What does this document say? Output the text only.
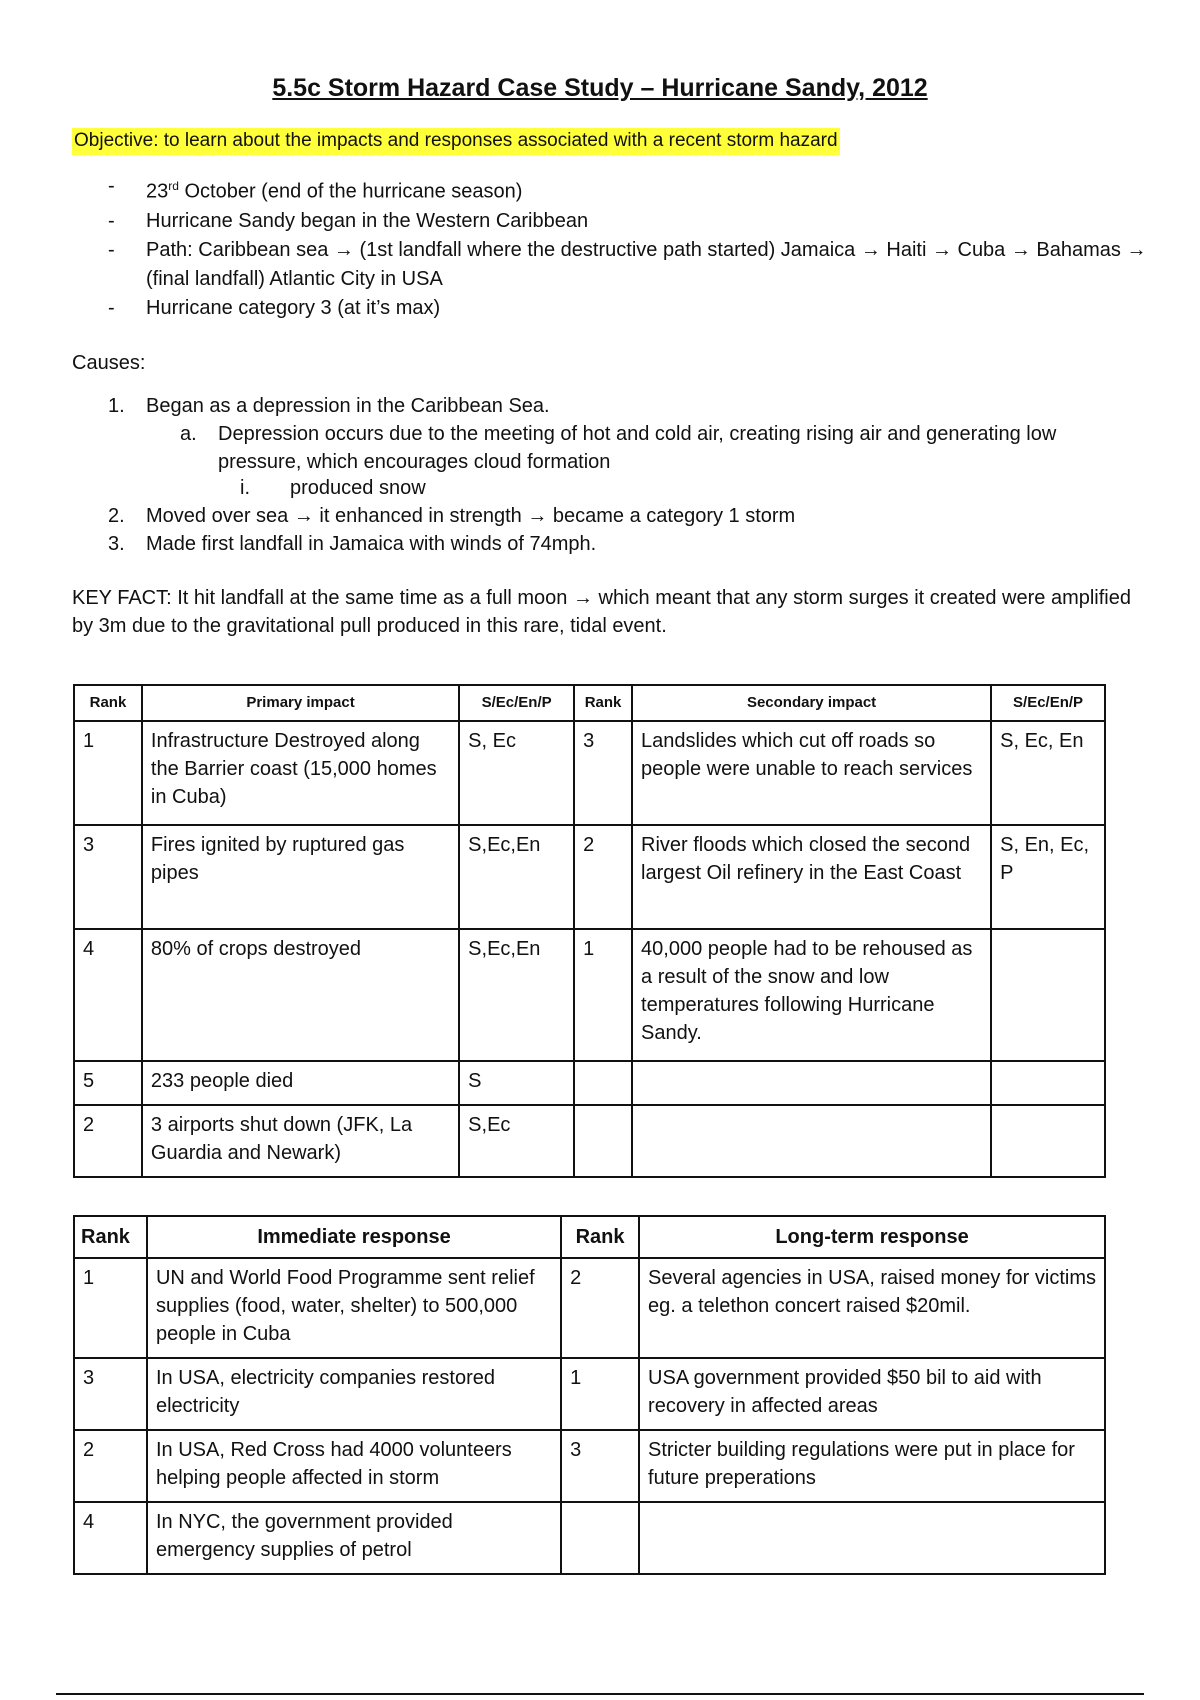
5.5c Storm Hazard Case Study – Hurricane Sandy, 2012
Objective: to learn about the impacts and responses associated with a recent storm hazard
- 23rd October (end of the hurricane season)
- Hurricane Sandy began in the Western Caribbean
- Path: Caribbean sea → (1st landfall where the destructive path started) Jamaica → Haiti → Cuba → Bahamas → (final landfall) Atlantic City in USA
- Hurricane category 3 (at it’s max)
Causes:
1. Began as a depression in the Caribbean Sea.
a. Depression occurs due to the meeting of hot and cold air, creating rising air and generating low pressure, which encourages cloud formation
i. produced snow
2. Moved over sea → it enhanced in strength → became a category 1 storm
3. Made first landfall in Jamaica with winds of 74mph.
KEY FACT: It hit landfall at the same time as a full moon → which meant that any storm surges it created were amplified by 3m due to the gravitational pull produced in this rare, tidal event.
Rank	Primary impact	S/Ec/En/P	Rank	Secondary impact	S/Ec/En/P
1	Infrastructure Destroyed along the Barrier coast (15,000 homes in Cuba)	S, Ec	3	Landslides which cut off roads so people were unable to reach services	S, Ec, En
3	Fires ignited by ruptured gas pipes	S,Ec,En	2	River floods which closed the second largest Oil refinery in the East Coast	S, En, Ec, P
4	80% of crops destroyed	S,Ec,En	1	40,000 people had to be rehoused as a result of the snow and low temperatures following Hurricane Sandy.	
5	233 people died	S			
2	3 airports shut down (JFK, La Guardia and Newark)	S,Ec			
Rank	Immediate response	Rank	Long-term response
1	UN and World Food Programme sent relief supplies (food, water, shelter) to 500,000 people in Cuba	2	Several agencies in USA, raised money for victims eg. a telethon concert raised $20mil.
3	In USA, electricity companies restored electricity	1	USA government provided $50 bil to aid with recovery in affected areas
2	In USA, Red Cross had 4000 volunteers helping people affected in storm	3	Stricter building regulations were put in place for future preperations
4	In NYC, the government provided emergency supplies of petrol		
